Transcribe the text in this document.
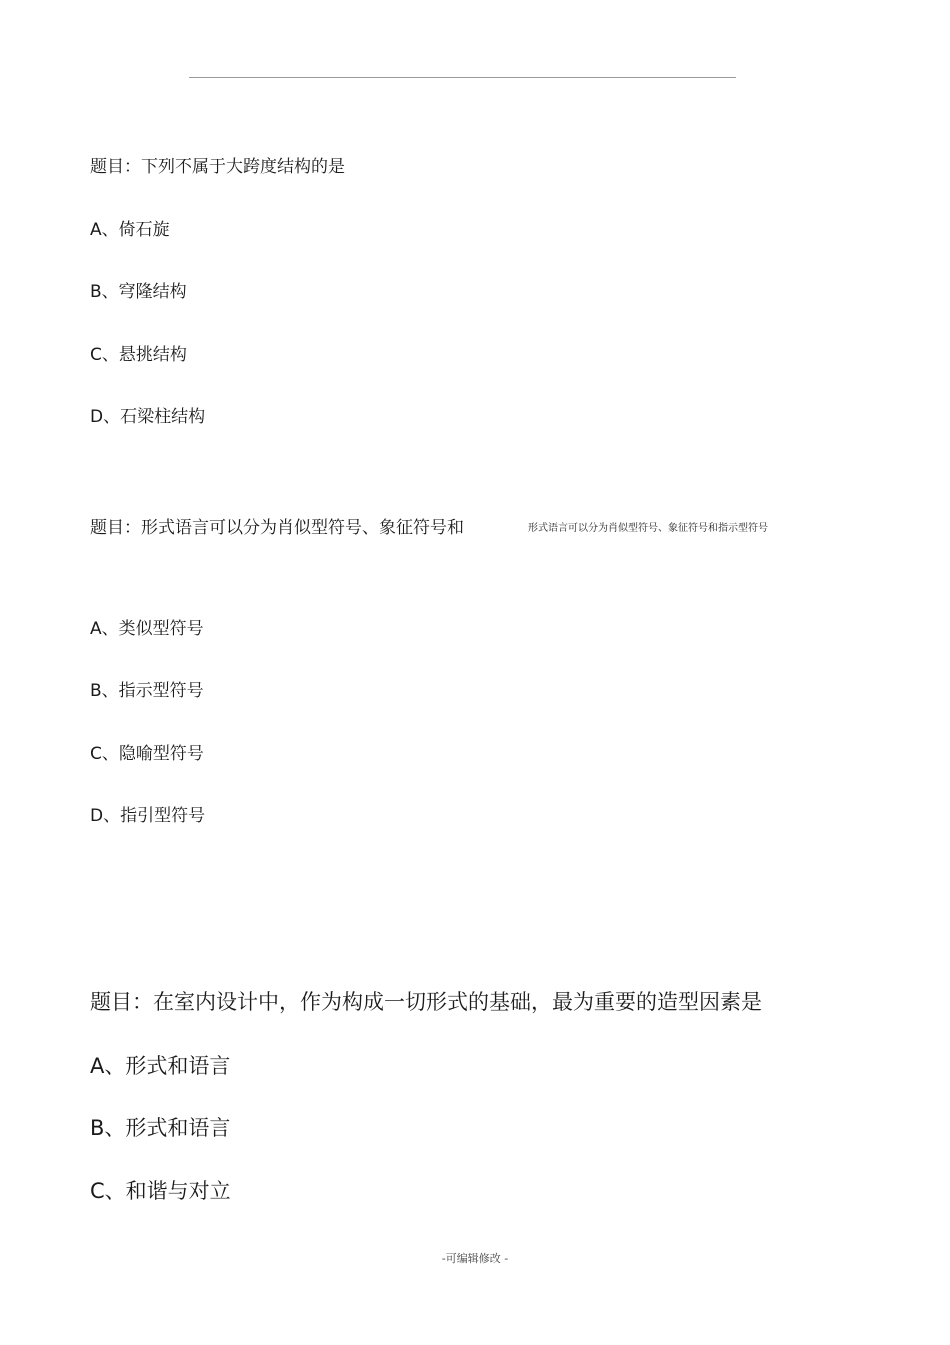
题目：下列不属于大跨度结构的是
A、倚石旋
B、穹隆结构
C、悬挑结构
D、石梁柱结构
题目：形式语言可以分为肖似型符号、象征符号和	形式语言可以分为肖似型符号、象征符号和指示型符号
A、类似型符号
B、指示型符号
C、隐喻型符号
D、指引型符号
题目：在室内设计中，作为构成一切形式的基础，最为重要的造型因素是
A、形式和语言
B、形式和语言
C、和谐与对立
-可编辑修改 -
